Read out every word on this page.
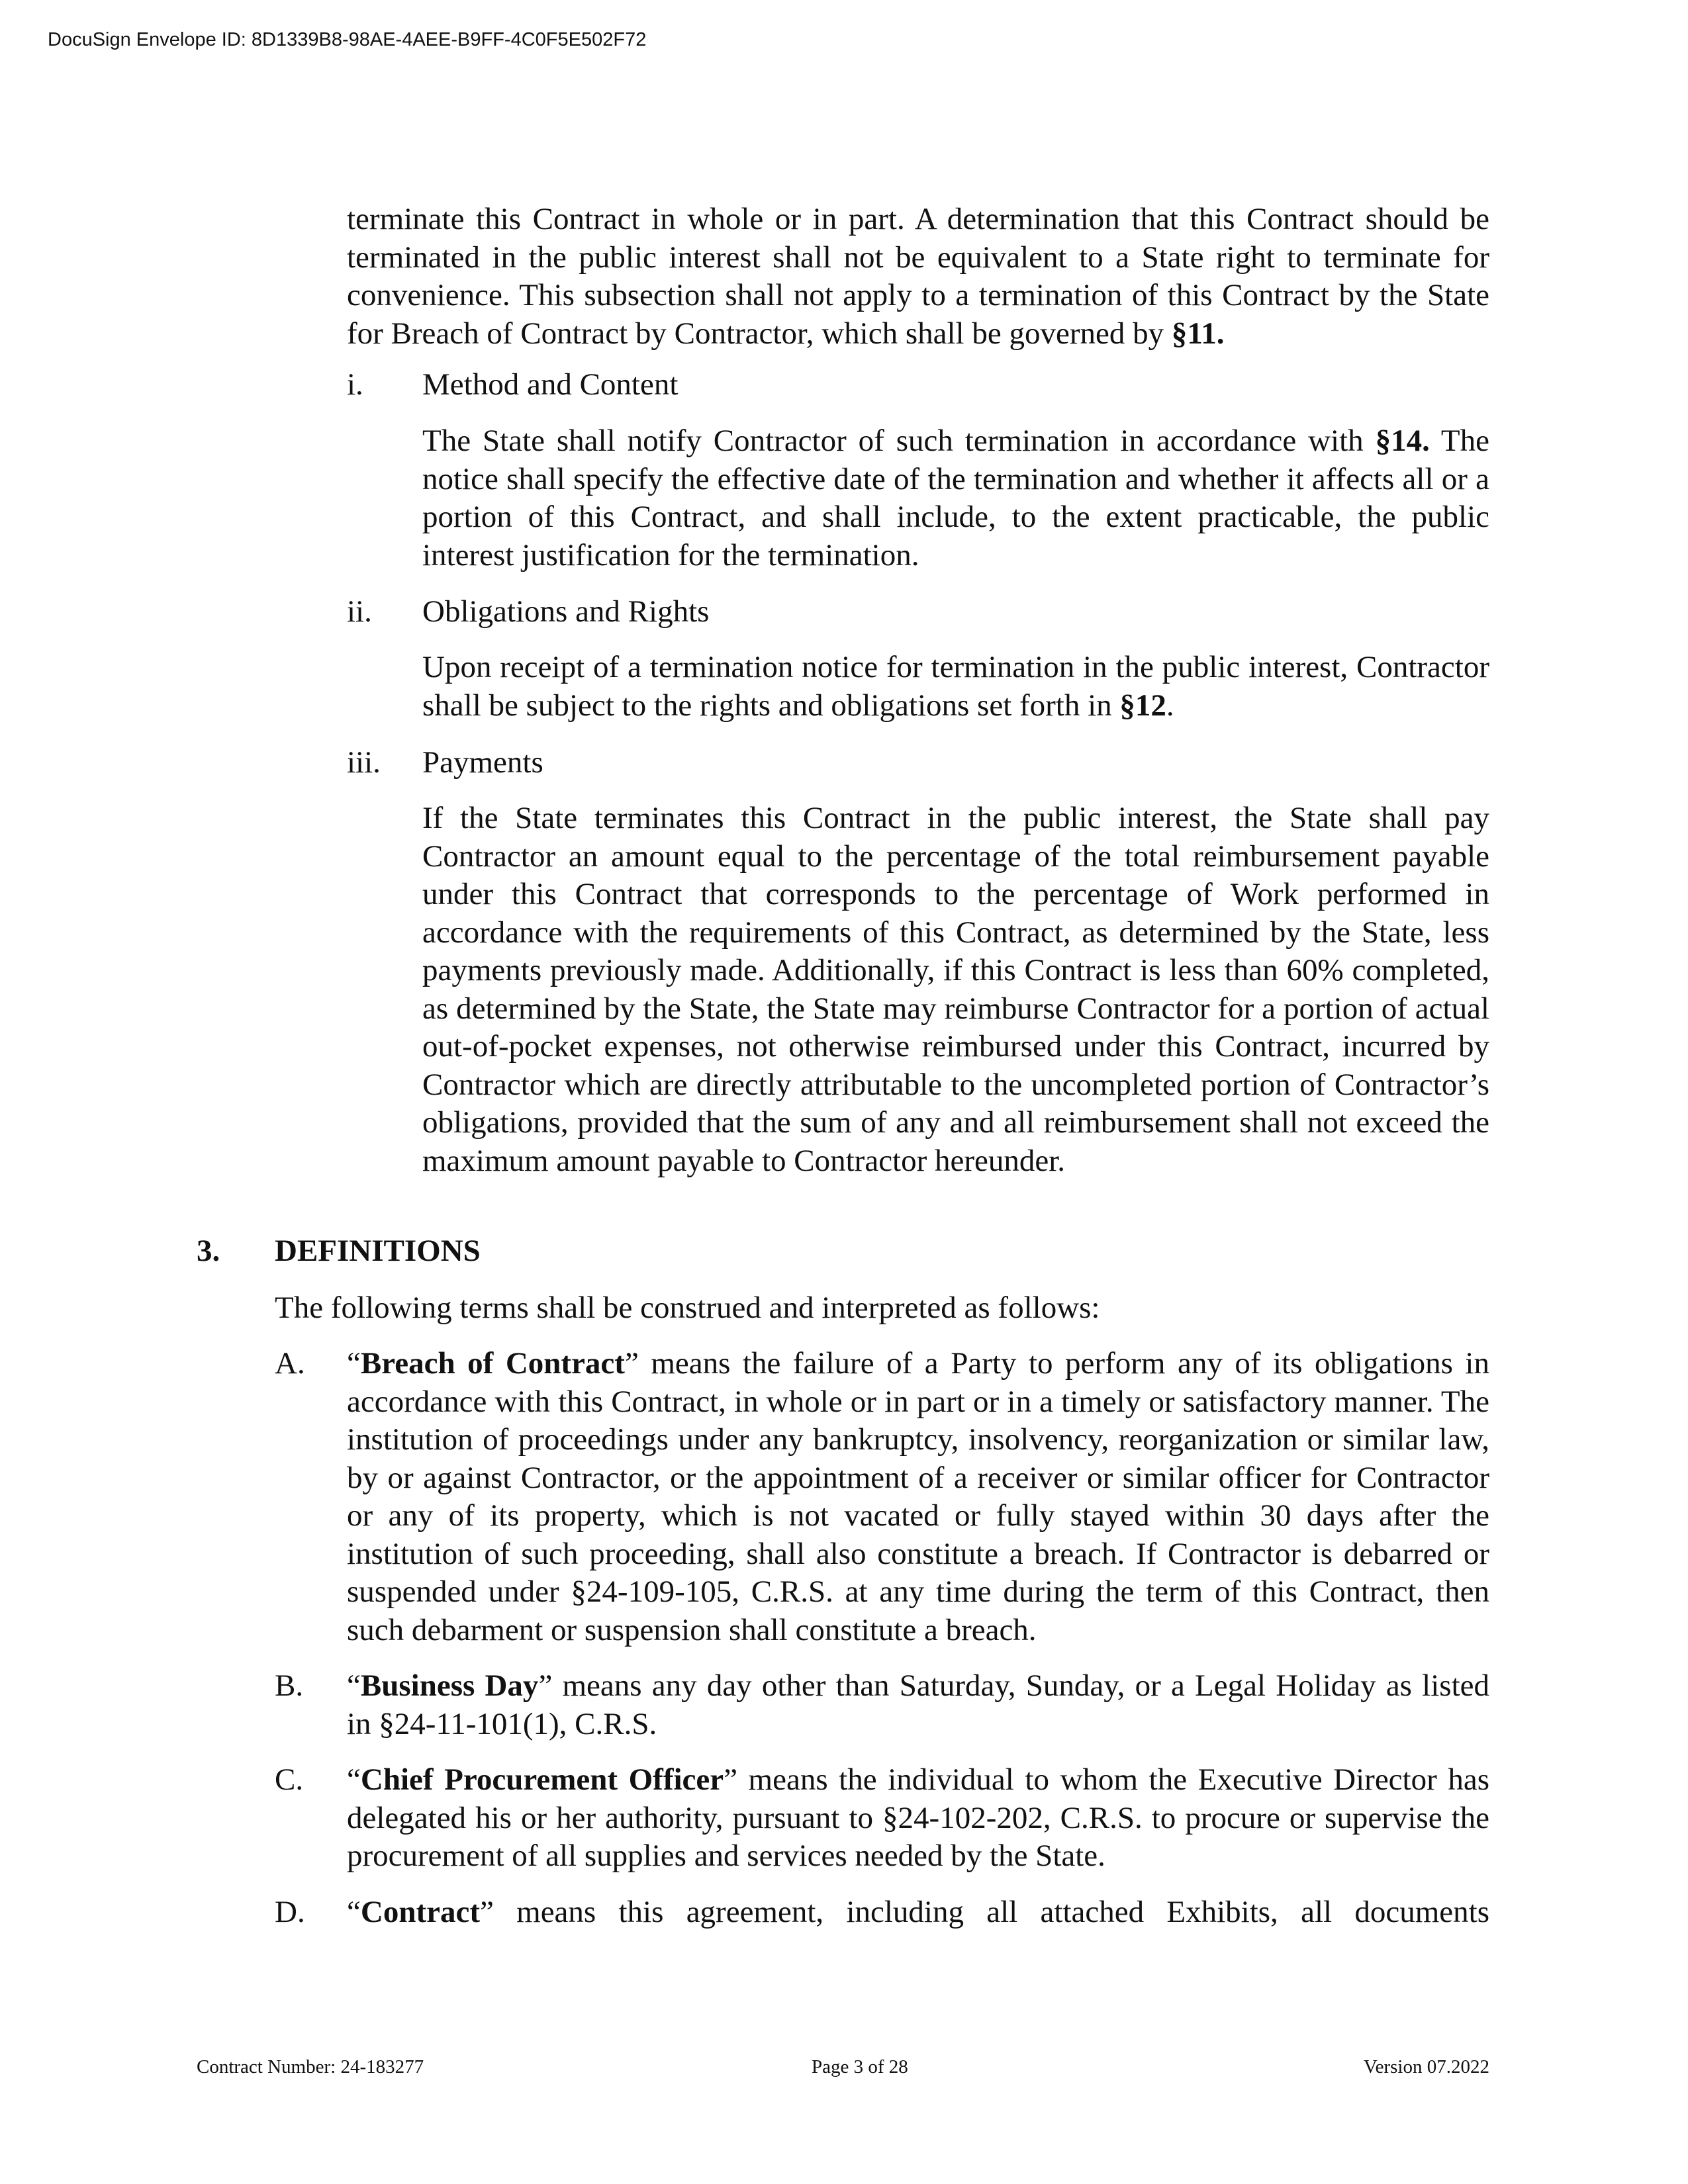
DocuSign Envelope ID: 8D1339B8-98AE-4AEE-B9FF-4C0F5E502F72

terminate this Contract in whole or in part. A determination that this Contract should be terminated in the public interest shall not be equivalent to a State right to terminate for convenience. This subsection shall not apply to a termination of this Contract by the State for Breach of Contract by Contractor, which shall be governed by §11.

i. Method and Content

The State shall notify Contractor of such termination in accordance with §14. The notice shall specify the effective date of the termination and whether it affects all or a portion of this Contract, and shall include, to the extent practicable, the public interest justification for the termination.

ii. Obligations and Rights

Upon receipt of a termination notice for termination in the public interest, Contractor shall be subject to the rights and obligations set forth in §12.

iii. Payments

If the State terminates this Contract in the public interest, the State shall pay Contractor an amount equal to the percentage of the total reimbursement payable under this Contract that corresponds to the percentage of Work performed in accordance with the requirements of this Contract, as determined by the State, less payments previously made. Additionally, if this Contract is less than 60% completed, as determined by the State, the State may reimburse Contractor for a portion of actual out-of-pocket expenses, not otherwise reimbursed under this Contract, incurred by Contractor which are directly attributable to the uncompleted portion of Contractor’s obligations, provided that the sum of any and all reimbursement shall not exceed the maximum amount payable to Contractor hereunder.

3. DEFINITIONS
The following terms shall be construed and interpreted as follows:
A. “Breach of Contract” means the failure of a Party to perform any of its obligations in accordance with this Contract, in whole or in part or in a timely or satisfactory manner. The institution of proceedings under any bankruptcy, insolvency, reorganization or similar law, by or against Contractor, or the appointment of a receiver or similar officer for Contractor or any of its property, which is not vacated or fully stayed within 30 days after the institution of such proceeding, shall also constitute a breach. If Contractor is debarred or suspended under §24-109-105, C.R.S. at any time during the term of this Contract, then such debarment or suspension shall constitute a breach.

B. “Business Day” means any day other than Saturday, Sunday, or a Legal Holiday as listed in §24-11-101(1), C.R.S.

C. “Chief Procurement Officer” means the individual to whom the Executive Director has delegated his or her authority, pursuant to §24-102-202, C.R.S. to procure or supervise the procurement of all supplies and services needed by the State.

D. “Contract” means this agreement, including all attached Exhibits, all documents

Contract Number: 24-183277	Page 3 of 28	Version 07.2022
